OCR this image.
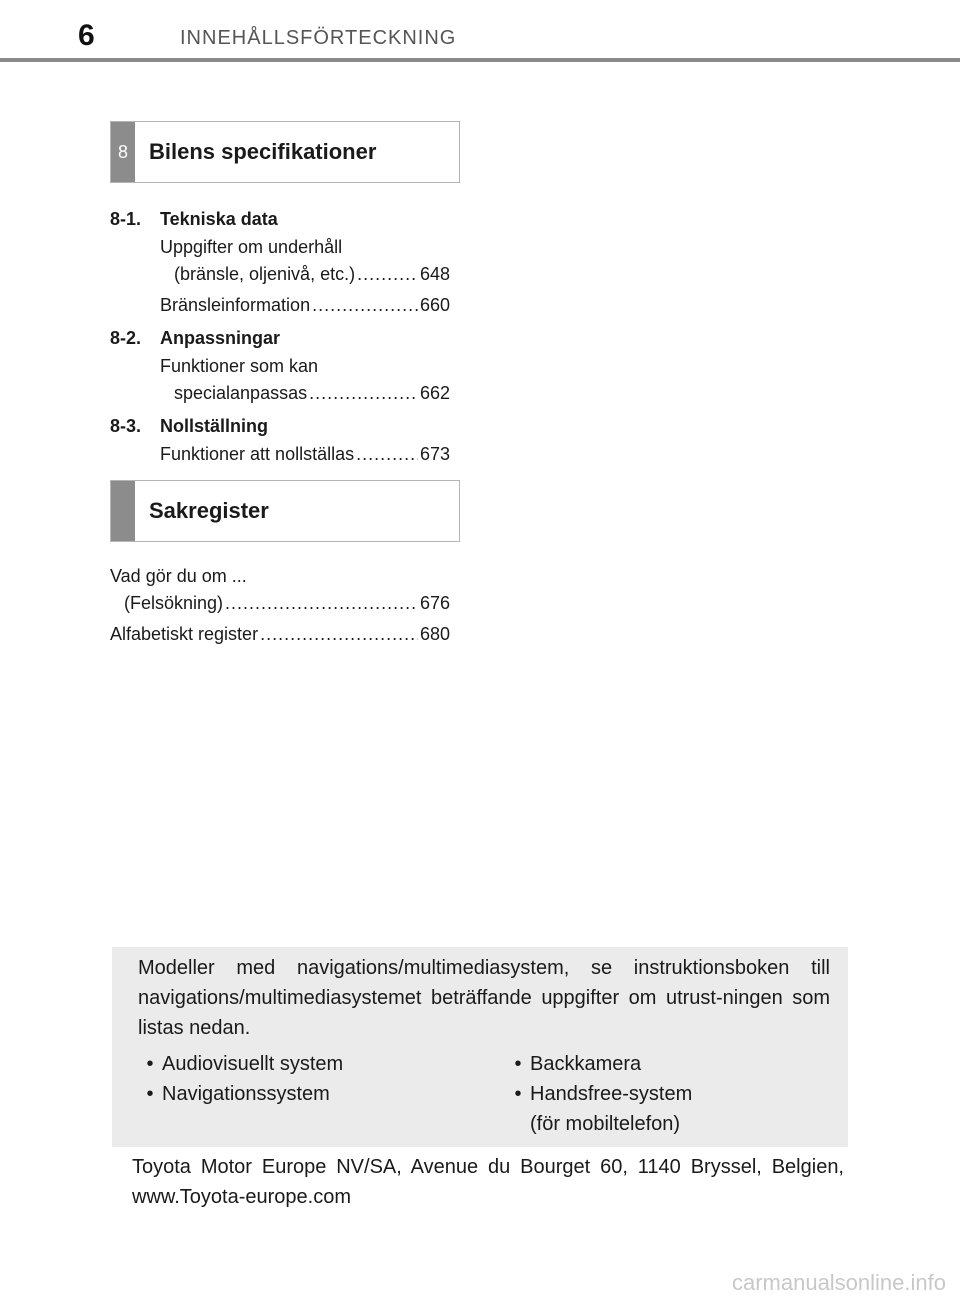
6	INNEHÅLLSFÖRTECKNING
8 Bilens specifikationer
8-1. Tekniska data
Uppgifter om underhåll
(bränsle, oljenivå, etc.) .....	648
Bränsleinformation .....	660
8-2. Anpassningar
Funktioner som kan
specialanpassas .....	662
8-3. Nollställning
Funktioner att nollställas .....	673
Sakregister
Vad gör du om ...
(Felsökning) .....	676
Alfabetiskt register .....	680
Modeller med navigations/multimediasystem, se instruktionsboken till navigations/multimediasystemet beträffande uppgifter om utrust-ningen som listas nedan.
• Audiovisuellt system
• Navigationssystem
• Backkamera
• Handsfree-system
(för mobiltelefon)
Toyota Motor Europe NV/SA, Avenue du Bourget 60, 1140 Bryssel, Belgien, www.Toyota-europe.com
carmanualsonline.info
